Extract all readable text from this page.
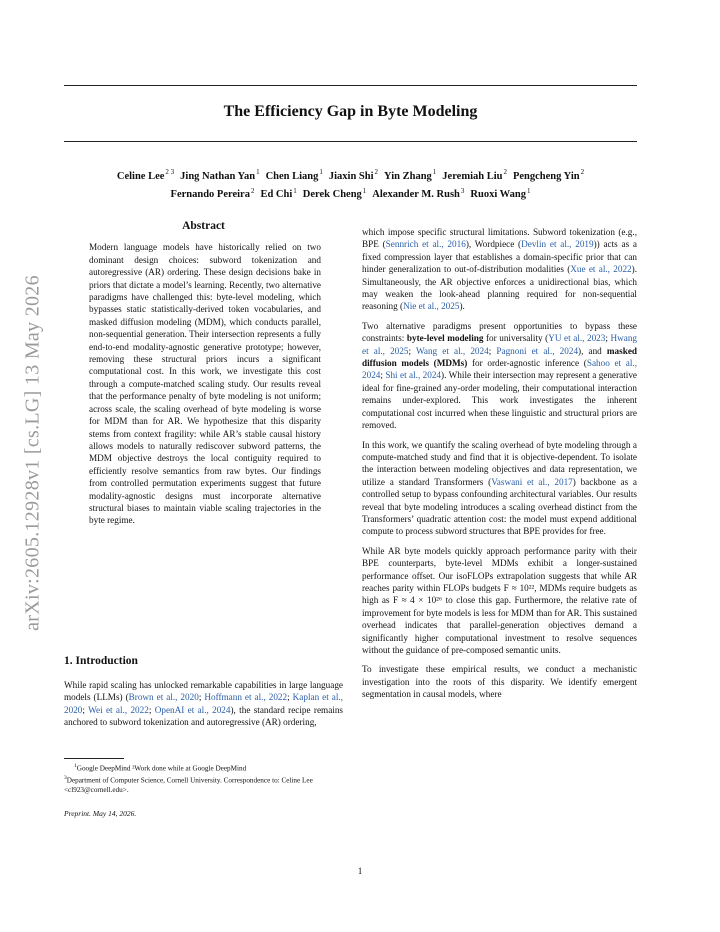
The Efficiency Gap in Byte Modeling
Celine Lee$^{2 3}$ Jing Nathan Yan$^1$ Chen Liang$^1$ Jiaxin Shi$^2$ Yin Zhang$^1$ Jeremiah Liu$^2$ Pengcheng Yin$^2$
Fernando Pereira$^2$ Ed Chi$^1$ Derek Cheng$^1$ Alexander M. Rush$^3$ Ruoxi Wang$^1$
arXiv:2605.12928v1 [cs.LG] 13 May 2026
Abstract

Modern language models have historically relied on two dominant design choices: subword tokenization and autoregressive (AR) ordering. These design decisions bake in priors that dictate a model’s learning. Recently, two alternative paradigms have challenged this: byte-level modeling, which bypasses static statistically-derived token vocabularies, and masked diffusion modeling (MDM), which conducts parallel, non-sequential generation. Their intersection represents a fully end-to-end modality-agnostic generative prototype; however, removing these structural priors incurs a significant computational cost. In this work, we investigate this cost through a compute-matched scaling study. Our results reveal that the performance penalty of byte modeling is not uniform; across scale, the scaling overhead of byte modeling is worse for MDM than for AR. We hypothesize that this disparity stems from context fragility: while AR’s stable causal history allows models to naturally rediscover subword patterns, the MDM objective destroys the local contiguity required to efficiently resolve semantics from raw bytes. Our findings from controlled permutation experiments suggest that future modality-agnostic designs must incorporate alternative structural biases to maintain viable scaling trajectories in the byte regime.

1. Introduction

While rapid scaling has unlocked remarkable capabilities in large language models (LLMs) (Brown et al., 2020; Hoffmann et al., 2022; Kaplan et al., 2020; Wei et al., 2022; OpenAI et al., 2024), the standard recipe remains anchored to subword tokenization and autoregressive (AR) ordering,

$^1$Google DeepMind ²Work done while at Google DeepMind
$^3$Department of Computer Science, Cornell University. Correspondence to: Celine Lee <cl923@cornell.edu>.

Preprint. May 14, 2026.

which impose specific structural limitations. Subword tokenization (e.g., BPE (Sennrich et al., 2016), Wordpiece (Devlin et al., 2019)) acts as a fixed compression layer that establishes a domain-specific prior that can hinder generalization to out-of-distribution modalities (Xue et al., 2022). Simultaneously, the AR objective enforces a unidirectional bias, which may weaken the look-ahead planning required for non-sequential reasoning (Nie et al., 2025).

Two alternative paradigms present opportunities to bypass these constraints: byte-level modeling for universality (YU et al., 2023; Hwang et al., 2025; Wang et al., 2024; Pagnoni et al., 2024), and masked diffusion models (MDMs) for order-agnostic inference (Sahoo et al., 2024; Shi et al., 2024). While their intersection may represent a generative ideal for fine-grained any-order modeling, their computational interaction remains under-explored. This work investigates the inherent computational cost incurred when these linguistic and structural priors are removed.

In this work, we quantify the scaling overhead of byte modeling through a compute-matched study and find that it is objective-dependent. To isolate the interaction between modeling objectives and data representation, we utilize a standard Transformers (Vaswani et al., 2017) backbone as a controlled setup to bypass confounding architectural variables. Our results reveal that byte modeling introduces a scaling overhead distinct from the Transformers’ quadratic attention cost: the model must expend additional compute to process subword structures that BPE provides for free.

While AR byte models quickly approach performance parity with their BPE counterparts, byte-level MDMs exhibit a longer-sustained performance offset. Our isoFLOPs extrapolation suggests that while AR reaches parity within FLOPs budgets F ≈ 10²², MDMs require budgets as high as F ≈ 4 × 10²⁶ to close this gap. Furthermore, the relative rate of improvement for byte models is less for MDM than for AR. This sustained overhead indicates that parallel-generation objectives demand a significantly higher computational investment to resolve sequences without the guidance of pre-composed semantic units.

To investigate these empirical results, we conduct a mechanistic investigation into the roots of this disparity. We identify emergent segmentation in causal models, where

1
